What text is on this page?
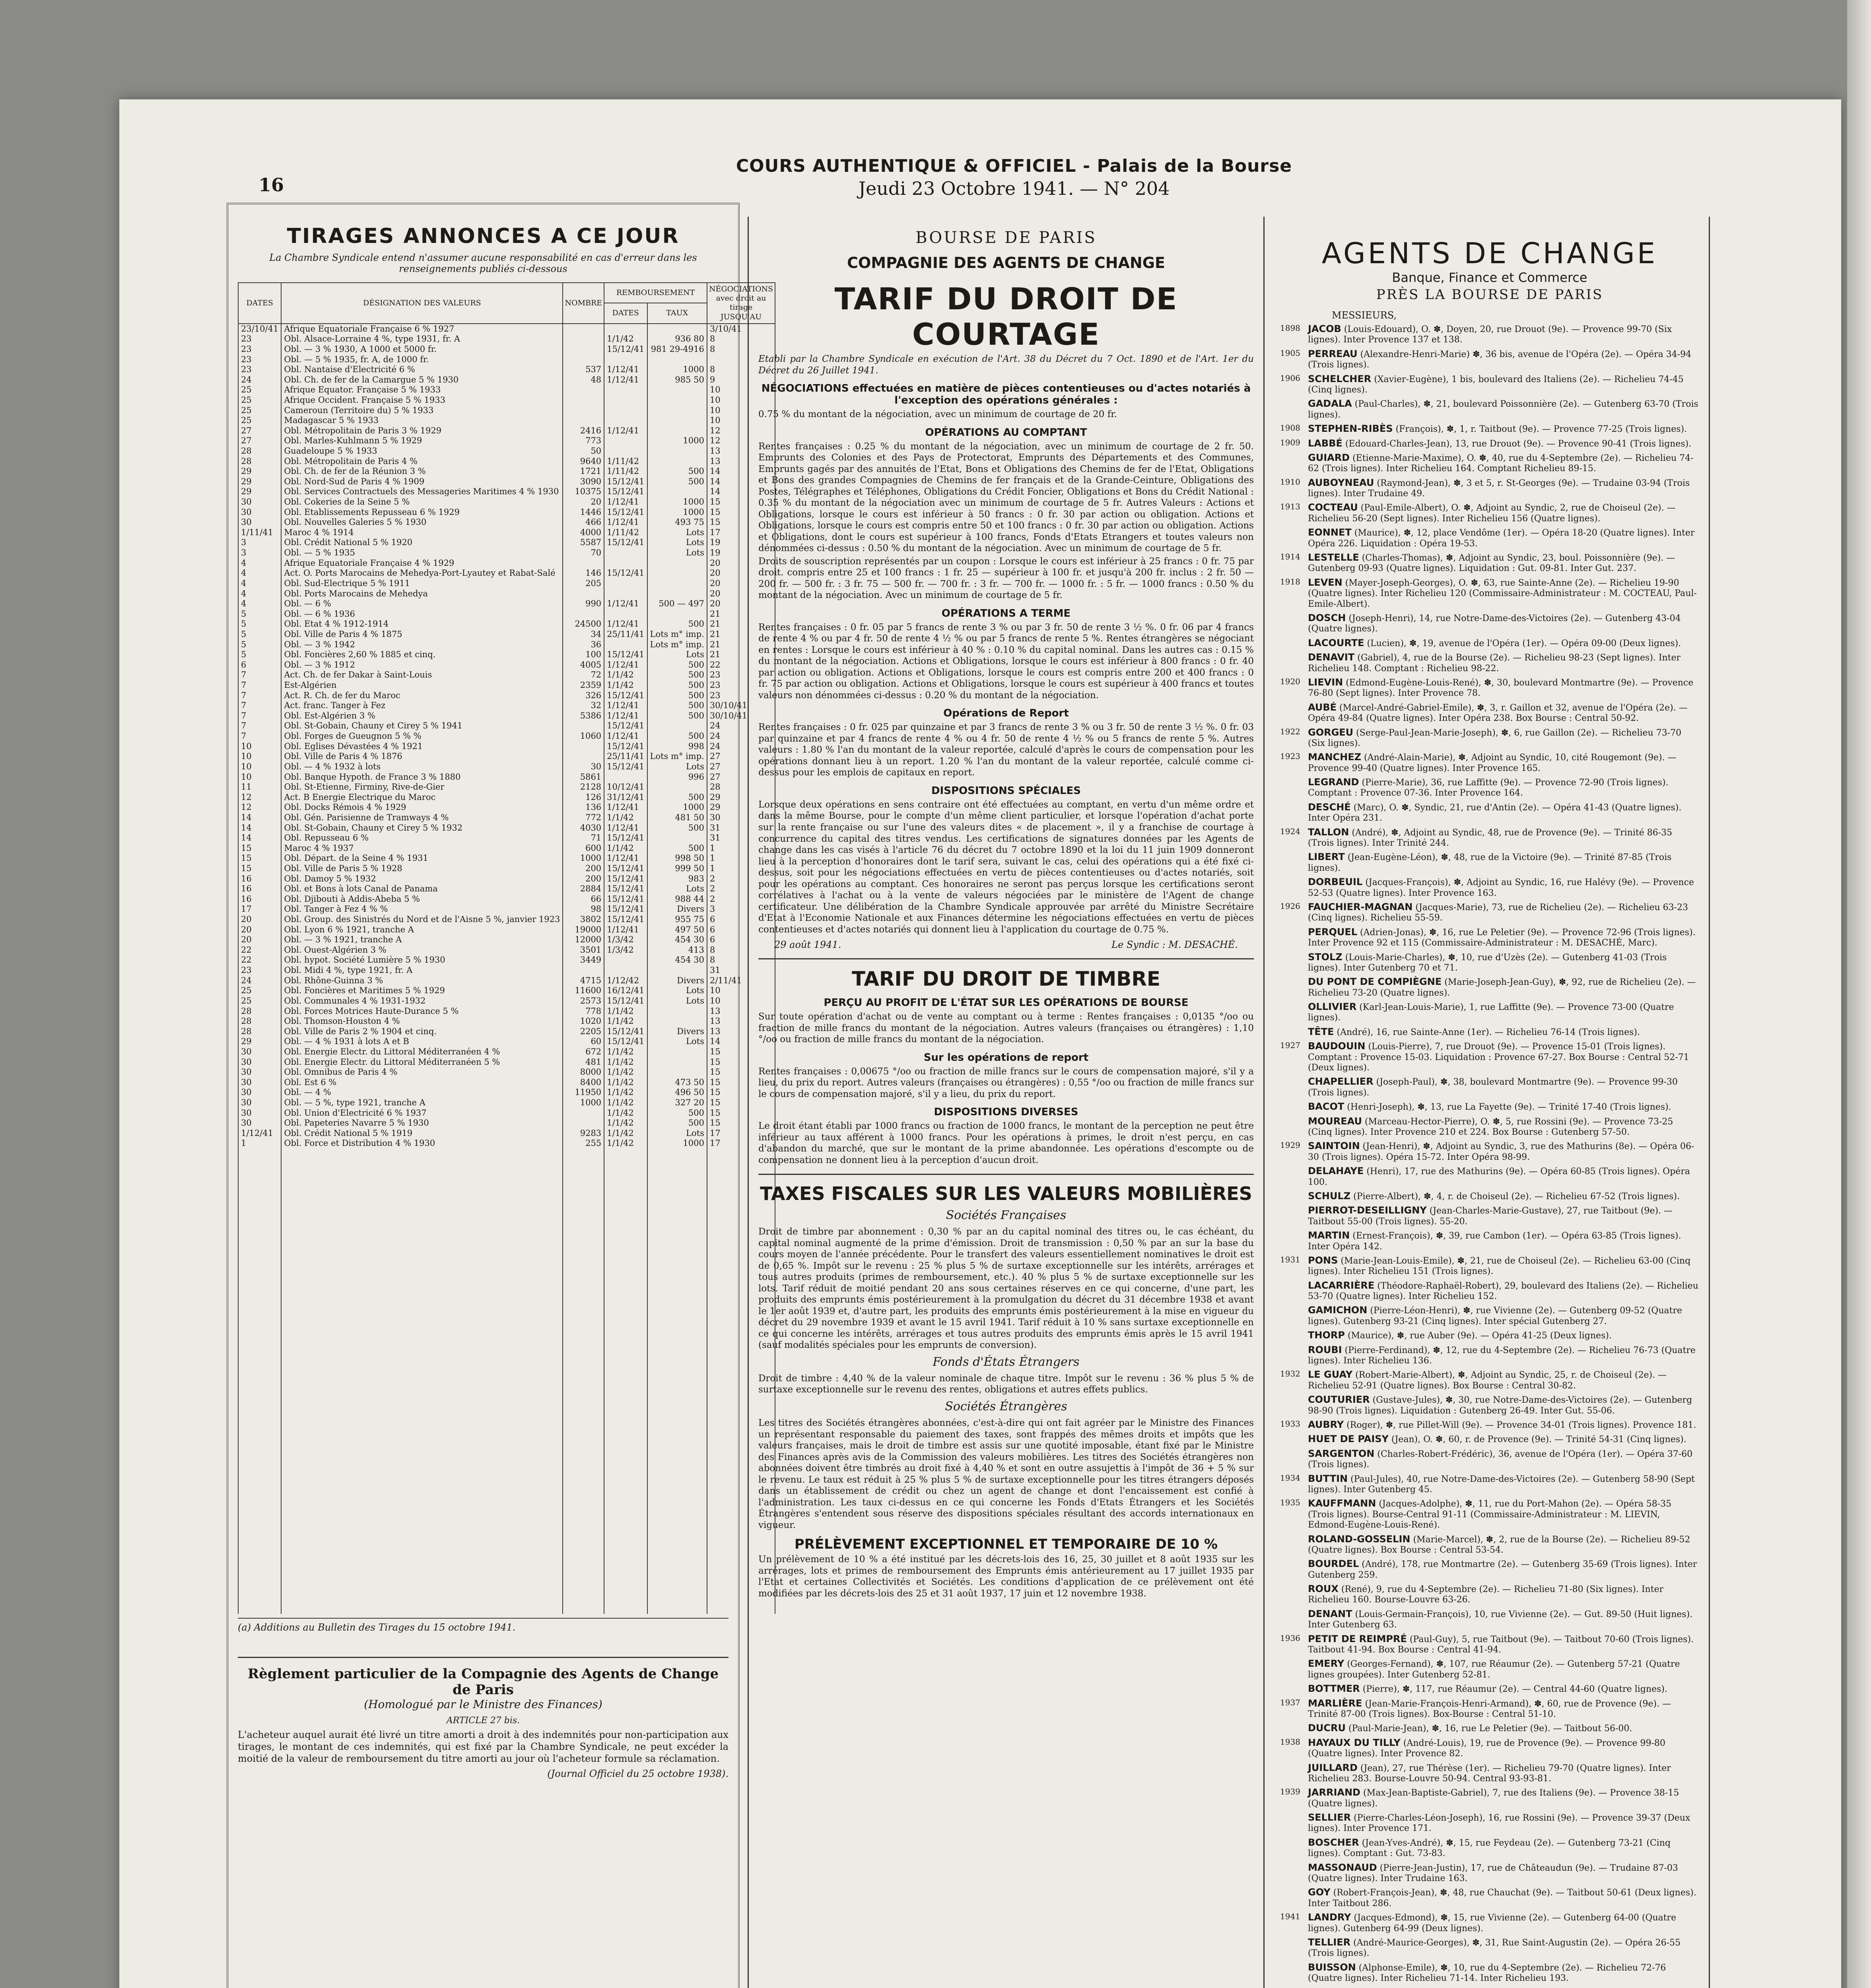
16
COURS AUTHENTIQUE & OFFICIEL - Palais de la Bourse
Jeudi 23 Octobre 1941. — N° 204
TIRAGES ANNONCES A CE JOUR
La Chambre Syndicale entend n'assumer aucune responsabilité en cas d'erreur dans les renseignements publiés ci-dessous
DATES	DÉSIGNATION DES VALEURS	NOMBRE	REMBOURSEMENT		NÉGOCIATIONS avec droit au tirage JUSQU'AU
			DATES	TAUX	
23/10/41	Afrique Equatoriale Française 6 % 1927				3/10/41
23	Obl. Alsace-Lorraine 4 %, type 1931, fr. A		1/1/42	936 80	8
23	Obl. — 3 % 1930, A 1000 et 5000 fr.		15/12/41	981 29-4916	8
23	Obl. — 5 % 1935, fr. A, de 1000 fr.				
23	Obl. Nantaise d'Electricité 6 %	537	1/12/41	1000	8
24	Obl. Ch. de fer de la Camargue 5 % 1930	48	1/12/41	985 50	9
25	Afrique Equator. Française 5 % 1933				10
25	Afrique Occident. Française 5 % 1933				10
25	Cameroun (Territoire du) 5 % 1933				10
25	Madagascar 5 % 1933				10
27	Obl. Métropolitain de Paris 3 % 1929	2416	1/12/41		12
27	Obl. Marles-Kuhlmann 5 % 1929	773		1000	12
28	Guadeloupe 5 % 1933	50			13
28	Obl. Métropolitain de Paris 4 %	9640	1/11/42		13
29	Obl. Ch. de fer de la Réunion 3 %	1721	1/11/42	500	14
29	Obl. Nord-Sud de Paris 4 % 1909	3090	15/12/41	500	14
29	Obl. Services Contractuels des Messageries Maritimes 4 % 1930	10375	15/12/41		14
30	Obl. Cokeries de la Seine 5 %	20	1/12/41	1000	15
30	Obl. Etablissements Repusseau 6 % 1929	1446	15/12/41	1000	15
30	Obl. Nouvelles Galeries 5 % 1930	466	1/12/41	493 75	15
1/11/41	Maroc 4 % 1914	4000	1/11/42	Lots	17
3	Obl. Crédit National 5 % 1920	5587	15/12/41	Lots	19
3	Obl. — 5 % 1935	70		Lots	19
4	Afrique Equatoriale Française 4 % 1929				20
4	Act. O. Ports Marocains de Mehedya-Port-Lyautey et Rabat-Salé	146	15/12/41		20
4	Obl. Sud-Electrique 5 % 1911	205			20
4	Obl. Ports Marocains de Mehedya				20
4	Obl. — 6 %	990	1/12/41	500 — 497	20
5	Obl. — 6 % 1936				21
5	Obl. Etat 4 % 1912-1914	24500	1/12/41	500	21
5	Obl. Ville de Paris 4 % 1875	34	25/11/41	Lots m° imp.	21
5	Obl. — 3 % 1942	36		Lots m° imp.	21
5	Obl. Foncières 2,60 % 1885 et cinq.	100	15/12/41	Lots	21
6	Obl. — 3 % 1912	4005	1/12/41	500	22
7	Act. Ch. de fer Dakar à Saint-Louis	72	1/1/42	500	23
7	Est-Algérien	2359	1/1/42	500	23
7	Act. R. Ch. de fer du Maroc	326	15/12/41	500	23
7	Act. franc. Tanger à Fez	32	1/12/41	500	30/10/41
7	Obl. Est-Algérien 3 %	5386	1/12/41	500	30/10/41
7	Obl. St-Gobain, Chauny et Cirey 5 % 1941		15/12/41		24
7	Obl. Forges de Gueugnon 5 % %	1060	1/12/41	500	24
10	Obl. Eglises Dévastées 4 % 1921		15/12/41	998	24
10	Obl. Ville de Paris 4 % 1876		25/11/41	Lots m° imp.	27
10	Obl. — 4 % 1932 à lots	30	15/12/41	Lots	27
10	Obl. Banque Hypoth. de France 3 % 1880	5861		996	27
11	Obl. St-Etienne, Firminy, Rive-de-Gier	2128	10/12/41		28
12	Act. B Energie Electrique du Maroc	126	31/12/41	500	29
12	Obl. Docks Rémois 4 % 1929	136	1/12/41	1000	29
14	Obl. Gén. Parisienne de Tramways 4 %	772	1/1/42	481 50	30
14	Obl. St-Gobain, Chauny et Cirey 5 % 1932	4030	1/12/41	500	31
14	Obl. Repusseau 6 %	71	15/12/41		31
15	Maroc 4 % 1937	600	1/1/42	500	1
15	Obl. Départ. de la Seine 4 % 1931	1000	1/12/41	998 50	1
15	Obl. Ville de Paris 5 % 1928	200	15/12/41	999 50	1
16	Obl. Damoy 5 % 1932	200	15/12/41	983	2
16	Obl. et Bons à lots Canal de Panama	2884	15/12/41	Lots	2
16	Obl. Djibouti à Addis-Abeba 5 %	66	15/12/41	988 44	2
17	Obl. Tanger à Fez 4 % %	98	15/12/41	Divers	3
20	Obl. Group. des Sinistrés du Nord et de l'Aisne 5 %, janvier 1923	3802	15/12/41	955 75	6
20	Obl. Lyon 6 % 1921, tranche A	19000	1/12/41	497 50	6
20	Obl. — 3 % 1921, tranche A	12000	1/3/42	454 30	6
22	Obl. Ouest-Algérien 3 %	3501	1/3/42	413	8
22	Obl. hypot. Société Lumière 5 % 1930	3449		454 30	8
23	Obl. Midi 4 %, type 1921, fr. A				31
24	Obl. Rhône-Guinna 3 %	4715	1/12/42	Divers	2/11/41
25	Obl. Foncières et Maritimes 5 % 1929	11600	16/12/41	Lots	10
25	Obl. Communales 4 % 1931-1932	2573	15/12/41	Lots	10
28	Obl. Forces Motrices Haute-Durance 5 %	778	1/1/42		13
28	Obl. Thomson-Houston 4 %	1020	1/1/42		13
28	Obl. Ville de Paris 2 % 1904 et cinq.	2205	15/12/41	Divers	13
29	Obl. — 4 % 1931 à lots A et B	60	15/12/41	Lots	14
30	Obl. Energie Electr. du Littoral Méditerranéen 4 %	672	1/1/42		15
30	Obl. Energie Electr. du Littoral Méditerranéen 5 %	481	1/1/42		15
30	Obl. Omnibus de Paris 4 %	8000	1/1/42		15
30	Obl. Est 6 %	8400	1/1/42	473 50	15
30	Obl. — 4 %	11950	1/1/42	496 50	15
30	Obl. — 5 %, type 1921, tranche A	1000	1/1/42	327 20	15
30	Obl. Union d'Electricité 6 % 1937		1/1/42	500	15
30	Obl. Papeteries Navarre 5 % 1930		1/1/42	500	15
1/12/41	Obl. Crédit National 5 % 1919	9283	1/1/42	Lots	17
1	Obl. Force et Distribution 4 % 1930	255	1/1/42	1000	17

(a) Additions au Bulletin des Tirages du 15 octobre 1941.
Règlement particulier de la Compagnie des Agents de Change de Paris
(Homologué par le Ministre des Finances)
ARTICLE 27 bis.
L'acheteur auquel aurait été livré un titre amorti a droit à des indemnités pour non-participation aux tirages, le montant de ces indemnités, qui est fixé par la Chambre Syndicale, ne peut excéder la moitié de la valeur de remboursement du titre amorti au jour où l'acheteur formule sa réclamation.
(Journal Officiel du 25 octobre 1938).
BOURSE DE PARIS
COMPAGNIE DES AGENTS DE CHANGE
TARIF DU DROIT DE COURTAGE
Etabli par la Chambre Syndicale en exécution de l'Art. 38 du Décret du 7 Oct. 1890 et de l'Art. 1er du Décret du 26 Juillet 1941.
NÉGOCIATIONS effectuées en matière de pièces contentieuses ou d'actes notariés à l'exception des opérations générales :
0.75 % du montant de la négociation, avec un minimum de courtage de 20 fr.
OPÉRATIONS AU COMPTANT
Rentes françaises : 0.25 % du montant de la négociation, avec un minimum de courtage de 2 fr. 50. Emprunts des Colonies et des Pays de Protectorat, Emprunts des Départements et des Communes, Emprunts gagés par des annuités de l'Etat, Bons et Obligations des Chemins de fer de l'Etat, Obligations et Bons des grandes Compagnies de Chemins de fer français et de la Grande-Ceinture, Obligations des Postes, Télégraphes et Téléphones, Obligations du Crédit Foncier, Obligations et Bons du Crédit National : 0.35 % du montant de la négociation avec un minimum de courtage de 5 fr. Autres Valeurs : Actions et Obligations, lorsque le cours est inférieur à 50 francs : 0 fr. 30 par action ou obligation. Actions et Obligations, lorsque le cours est compris entre 50 et 100 francs : 0 fr. 30 par action ou obligation. Actions et Obligations, dont le cours est supérieur à 100 francs, Fonds d'Etats Etrangers et toutes valeurs non dénommées ci-dessus : 0.50 % du montant de la négociation. Avec un minimum de courtage de 5 fr.
Droits de souscription représentés par un coupon : Lorsque le cours est inférieur à 25 francs : 0 fr. 75 par droit. compris entre 25 et 100 francs : 1 fr. 25 — supérieur à 100 fr. et jusqu'à 200 fr. inclus : 2 fr. 50 — 200 fr. — 500 fr. : 3 fr. 75 — 500 fr. — 700 fr. : 3 fr. — 700 fr. — 1000 fr. : 5 fr. — 1000 francs : 0.50 % du montant de la négociation. Avec un minimum de courtage de 5 fr.
OPÉRATIONS A TERME
Rentes françaises : 0 fr. 05 par 5 francs de rente 3 % ou par 3 fr. 50 de rente 3 ½ %. 0 fr. 06 par 4 francs de rente 4 % ou par 4 fr. 50 de rente 4 ½ % ou par 5 francs de rente 5 %. Rentes étrangères se négociant en rentes : Lorsque le cours est inférieur à 40 % : 0.10 % du capital nominal. Dans les autres cas : 0.15 % du montant de la négociation. Actions et Obligations, lorsque le cours est inférieur à 800 francs : 0 fr. 40 par action ou obligation. Actions et Obligations, lorsque le cours est compris entre 200 et 400 francs : 0 fr. 75 par action ou obligation. Actions et Obligations, lorsque le cours est supérieur à 400 francs et toutes valeurs non dénommées ci-dessus : 0.20 % du montant de la négociation.
Opérations de Report
Rentes françaises : 0 fr. 025 par quinzaine et par 3 francs de rente 3 % ou 3 fr. 50 de rente 3 ½ %. 0 fr. 03 par quinzaine et par 4 francs de rente 4 % ou 4 fr. 50 de rente 4 ½ % ou 5 francs de rente 5 %. Autres valeurs : 1.80 % l'an du montant de la valeur reportée, calculé d'après le cours de compensation pour les opérations donnant lieu à un report. 1.20 % l'an du montant de la valeur reportée, calculé comme ci-dessus pour les emplois de capitaux en report.
DISPOSITIONS SPÉCIALES
Lorsque deux opérations en sens contraire ont été effectuées au comptant, en vertu d'un même ordre et dans la même Bourse, pour le compte d'un même client particulier, et lorsque l'opération d'achat porte sur la rente française ou sur l'une des valeurs dites « de placement », il y a franchise de courtage à concurrence du capital des titres vendus. Les certifications de signatures données par les Agents de change dans les cas visés à l'article 76 du décret du 7 octobre 1890 et la loi du 11 juin 1909 donneront lieu à la perception d'honoraires dont le tarif sera, suivant le cas, celui des opérations qui a été fixé ci-dessus, soit pour les négociations effectuées en vertu de pièces contentieuses ou d'actes notariés, soit pour les opérations au comptant. Ces honoraires ne seront pas perçus lorsque les certifications seront corrélatives à l'achat ou à la vente de valeurs négociées par le ministère de l'Agent de change certificateur. Une délibération de la Chambre Syndicale approuvée par arrêté du Ministre Secrétaire d'Etat à l'Economie Nationale et aux Finances détermine les négociations effectuées en vertu de pièces contentieuses et d'actes notariés qui donnent lieu à l'application du courtage de 0.75 %.
29 août 1941.	Le Syndic : M. DESACHÉ.
TARIF DU DROIT DE TIMBRE
PERÇU AU PROFIT DE L'ÉTAT SUR LES OPÉRATIONS DE BOURSE
Sur toute opération d'achat ou de vente au comptant ou à terme : Rentes françaises : 0,0135 °/oo ou fraction de mille francs du montant de la négociation. Autres valeurs (françaises ou étrangères) : 1,10 °/oo ou fraction de mille francs du montant de la négociation.
Sur les opérations de report
Rentes françaises : 0,00675 °/oo ou fraction de mille francs sur le cours de compensation majoré, s'il y a lieu, du prix du report. Autres valeurs (françaises ou étrangères) : 0,55 °/oo ou fraction de mille francs sur le cours de compensation majoré, s'il y a lieu, du prix du report.
DISPOSITIONS DIVERSES
Le droit étant établi par 1000 francs ou fraction de 1000 francs, le montant de la perception ne peut être inférieur au taux afférent à 1000 francs. Pour les opérations à primes, le droit n'est perçu, en cas d'abandon du marché, que sur le montant de la prime abandonnée. Les opérations d'escompte ou de compensation ne donnent lieu à la perception d'aucun droit.
TAXES FISCALES SUR LES VALEURS MOBILIÈRES
Sociétés Françaises
Droit de timbre par abonnement : 0,30 % par an du capital nominal des titres ou, le cas échéant, du capital nominal augmenté de la prime d'émission. Droit de transmission : 0,50 % par an sur la base du cours moyen de l'année précédente. Pour le transfert des valeurs essentiellement nominatives le droit est de 0,65 %. Impôt sur le revenu : 25 % plus 5 % de surtaxe exceptionnelle sur les intérêts, arrérages et tous autres produits (primes de remboursement, etc.). 40 % plus 5 % de surtaxe exceptionnelle sur les lots. Tarif réduit de moitié pendant 20 ans sous certaines réserves en ce qui concerne, d'une part, les produits des emprunts émis postérieurement à la promulgation du décret du 31 décembre 1938 et avant le 1er août 1939 et, d'autre part, les produits des emprunts émis postérieurement à la mise en vigueur du décret du 29 novembre 1939 et avant le 15 avril 1941. Tarif réduit à 10 % sans surtaxe exceptionnelle en ce qui concerne les intérêts, arrérages et tous autres produits des emprunts émis après le 15 avril 1941 (sauf modalités spéciales pour les emprunts de conversion).
Fonds d'États Étrangers
Droit de timbre : 4,40 % de la valeur nominale de chaque titre. Impôt sur le revenu : 36 % plus 5 % de surtaxe exceptionnelle sur le revenu des rentes, obligations et autres effets publics.
Sociétés Étrangères
Les titres des Sociétés étrangères abonnées, c'est-à-dire qui ont fait agréer par le Ministre des Finances un représentant responsable du paiement des taxes, sont frappés des mêmes droits et impôts que les valeurs françaises, mais le droit de timbre est assis sur une quotité imposable, étant fixé par le Ministre des Finances après avis de la Commission des valeurs mobilières. Les titres des Sociétés étrangères non abonnées doivent être timbrés au droit fixé à 4,40 % et sont en outre assujettis à l'impôt de 36 + 5 % sur le revenu. Le taux est réduit à 25 % plus 5 % de surtaxe exceptionnelle pour les titres étrangers déposés dans un établissement de crédit ou chez un agent de change et dont l'encaissement est confié à l'administration. Les taux ci-dessus en ce qui concerne les Fonds d'Etats Étrangers et les Sociétés Étrangères s'entendent sous réserve des dispositions spéciales résultant des accords internationaux en vigueur.
PRÉLÈVEMENT EXCEPTIONNEL ET TEMPORAIRE DE 10 %
Un prélèvement de 10 % a été institué par les décrets-lois des 16, 25, 30 juillet et 8 août 1935 sur les arrérages, lots et primes de remboursement des Emprunts émis antérieurement au 17 juillet 1935 par l'Etat et certaines Collectivités et Sociétés. Les conditions d'application de ce prélèvement ont été modifiées par les décrets-lois des 25 et 31 août 1937, 17 juin et 12 novembre 1938.
AGENTS DE CHANGE
Banque, Finance et Commerce
PRÈS LA BOURSE DE PARIS
MESSIEURS,
1898 JACOB (Louis-Edouard), O. ✽, Doyen, 20, rue Drouot (9e). — Provence 99-70 (Six lignes). Inter Provence 137 et 138.
1905 PERREAU (Alexandre-Henri-Marie) ✽, 36 bis, avenue de l'Opéra (2e). — Opéra 34-94 (Trois lignes).
1906 SCHELCHER (Xavier-Eugène), 1 bis, boulevard des Italiens (2e). — Richelieu 74-45 (Cinq lignes).
GADALA (Paul-Charles), ✽, 21, boulevard Poissonnière (2e). — Gutenberg 63-70 (Trois lignes).
1908 STEPHEN-RIBÈS (François), ✽, 1, r. Taitbout (9e). — Provence 77-25 (Trois lignes).
1909 LABBÉ (Edouard-Charles-Jean), 13, rue Drouot (9e). — Provence 90-41 (Trois lignes).
GUIARD (Etienne-Marie-Maxime), O. ✽, 40, rue du 4-Septembre (2e). — Richelieu 74-62 (Trois lignes). Inter Richelieu 164. Comptant Richelieu 89-15.
1910 AUBOYNEAU (Raymond-Jean), ✽, 3 et 5, r. St-Georges (9e). — Trudaine 03-94 (Trois lignes). Inter Trudaine 49.
1913 COCTEAU (Paul-Emile-Albert), O. ✽, Adjoint au Syndic, 2, rue de Choiseul (2e). — Richelieu 56-20 (Sept lignes). Inter Richelieu 156 (Quatre lignes).
EONNET (Maurice), ✽, 12, place Vendôme (1er). — Opéra 18-20 (Quatre lignes). Inter Opéra 226. Liquidation : Opéra 19-53.
1914 LESTELLE (Charles-Thomas), ✽, Adjoint au Syndic, 23, boul. Poissonnière (9e). — Gutenberg 09-93 (Quatre lignes). Liquidation : Gut. 09-81. Inter Gut. 237.
1918 LEVEN (Mayer-Joseph-Georges), O. ✽, 63, rue Sainte-Anne (2e). — Richelieu 19-90 (Quatre lignes). Inter Richelieu 120 (Commissaire-Administrateur : M. COCTEAU, Paul-Emile-Albert).
DOSCH (Joseph-Henri), 14, rue Notre-Dame-des-Victoires (2e). — Gutenberg 43-04 (Quatre lignes).
LACOURTE (Lucien), ✽, 19, avenue de l'Opéra (1er). — Opéra 09-00 (Deux lignes).
DENAVIT (Gabriel), 4, rue de la Bourse (2e). — Richelieu 98-23 (Sept lignes). Inter Richelieu 148. Comptant : Richelieu 98-22.
1920 LIEVIN (Edmond-Eugène-Louis-René), ✽, 30, boulevard Montmartre (9e). — Provence 76-80 (Sept lignes). Inter Provence 78.
AUBÉ (Marcel-André-Gabriel-Emile), ✽, 3, r. Gaillon et 32, avenue de l'Opéra (2e). — Opéra 49-84 (Quatre lignes). Inter Opéra 238. Box Bourse : Central 50-92.
1922 GORGEU (Serge-Paul-Jean-Marie-Joseph), ✽, 6, rue Gaillon (2e). — Richelieu 73-70 (Six lignes).
1923 MANCHEZ (André-Alain-Marie), ✽, Adjoint au Syndic, 10, cité Rougemont (9e). — Provence 99-40 (Quatre lignes). Inter Provence 165.
LEGRAND (Pierre-Marie), 36, rue Laffitte (9e). — Provence 72-90 (Trois lignes). Comptant : Provence 07-36. Inter Provence 164.
DESCHÉ (Marc), O. ✽, Syndic, 21, rue d'Antin (2e). — Opéra 41-43 (Quatre lignes). Inter Opéra 231.
1924 TALLON (André), ✽, Adjoint au Syndic, 48, rue de Provence (9e). — Trinité 86-35 (Trois lignes). Inter Trinité 244.
LIBERT (Jean-Eugène-Léon), ✽, 48, rue de la Victoire (9e). — Trinité 87-85 (Trois lignes).
DORBEUIL (Jacques-François), ✽, Adjoint au Syndic, 16, rue Halévy (9e). — Provence 52-53 (Quatre lignes). Inter Provence 163.
1926 FAUCHIER-MAGNAN (Jacques-Marie), 73, rue de Richelieu (2e). — Richelieu 63-23 (Cinq lignes). Richelieu 55-59.
PERQUEL (Adrien-Jonas), ✽, 16, rue Le Peletier (9e). — Provence 72-96 (Trois lignes). Inter Provence 92 et 115 (Commissaire-Administrateur : M. DESACHÉ, Marc).
STOLZ (Louis-Marie-Charles), ✽, 10, rue d'Uzès (2e). — Gutenberg 41-03 (Trois lignes). Inter Gutenberg 70 et 71.
DU PONT DE COMPIÈGNE (Marie-Joseph-Jean-Guy), ✽, 92, rue de Richelieu (2e). — Richelieu 73-20 (Quatre lignes).
OLLIVIER (Karl-Jean-Louis-Marie), 1, rue Laffitte (9e). — Provence 73-00 (Quatre lignes).
TÊTE (André), 16, rue Sainte-Anne (1er). — Richelieu 76-14 (Trois lignes).
1927 BAUDOUIN (Louis-Pierre), 7, rue Drouot (9e). — Provence 15-01 (Trois lignes). Comptant : Provence 15-03. Liquidation : Provence 67-27. Box Bourse : Central 52-71 (Deux lignes).
CHAPELLIER (Joseph-Paul), ✽, 38, boulevard Montmartre (9e). — Provence 99-30 (Trois lignes).
BACOT (Henri-Joseph), ✽, 13, rue La Fayette (9e). — Trinité 17-40 (Trois lignes).
MOUREAU (Marceau-Hector-Pierre), O. ✽, 5, rue Rossini (9e). — Provence 73-25 (Cinq lignes). Inter Provence 210 et 224. Box Bourse : Gutenberg 57-50.
1929 SAINTOIN (Jean-Henri), ✽, Adjoint au Syndic, 3, rue des Mathurins (8e). — Opéra 06-30 (Trois lignes). Opéra 15-72. Inter Opéra 98-99.
DELAHAYE (Henri), 17, rue des Mathurins (9e). — Opéra 60-85 (Trois lignes). Opéra 100.
SCHULZ (Pierre-Albert), ✽, 4, r. de Choiseul (2e). — Richelieu 67-52 (Trois lignes).
PIERROT-DESEILLIGNY (Jean-Charles-Marie-Gustave), 27, rue Taitbout (9e). — Taitbout 55-00 (Trois lignes). 55-20.
MARTIN (Ernest-François), ✽, 39, rue Cambon (1er). — Opéra 63-85 (Trois lignes). Inter Opéra 142.
1931 PONS (Marie-Jean-Louis-Emile), ✽, 21, rue de Choiseul (2e). — Richelieu 63-00 (Cinq lignes). Inter Richelieu 151 (Trois lignes).
LACARRIÈRE (Théodore-Raphaël-Robert), 29, boulevard des Italiens (2e). — Richelieu 53-70 (Quatre lignes). Inter Richelieu 152.
GAMICHON (Pierre-Léon-Henri), ✽, rue Vivienne (2e). — Gutenberg 09-52 (Quatre lignes). Gutenberg 93-21 (Cinq lignes). Inter spécial Gutenberg 27.
THORP (Maurice), ✽, rue Auber (9e). — Opéra 41-25 (Deux lignes).
ROUBI (Pierre-Ferdinand), ✽, 12, rue du 4-Septembre (2e). — Richelieu 76-73 (Quatre lignes). Inter Richelieu 136.
1932 LE GUAY (Robert-Marie-Albert), ✽, Adjoint au Syndic, 25, r. de Choiseul (2e). — Richelieu 52-91 (Quatre lignes). Box Bourse : Central 30-82.
COUTURIER (Gustave-Jules), ✽, 30, rue Notre-Dame-des-Victoires (2e). — Gutenberg 98-90 (Trois lignes). Liquidation : Gutenberg 26-49. Inter Gut. 55-06.
1933 AUBRY (Roger), ✽, rue Pillet-Will (9e). — Provence 34-01 (Trois lignes). Provence 181.
HUET DE PAISY (Jean), O. ✽, 60, r. de Provence (9e). — Trinité 54-31 (Cinq lignes).
SARGENTON (Charles-Robert-Frédéric), 36, avenue de l'Opéra (1er). — Opéra 37-60 (Trois lignes).
1934 BUTTIN (Paul-Jules), 40, rue Notre-Dame-des-Victoires (2e). — Gutenberg 58-90 (Sept lignes). Inter Gutenberg 45.
1935 KAUFFMANN (Jacques-Adolphe), ✽, 11, rue du Port-Mahon (2e). — Opéra 58-35 (Trois lignes). Bourse-Central 91-11 (Commissaire-Administrateur : M. LIEVIN, Edmond-Eugène-Louis-René).
ROLAND-GOSSELIN (Marie-Marcel), ✽, 2, rue de la Bourse (2e). — Richelieu 89-52 (Quatre lignes). Box Bourse : Central 53-54.
BOURDEL (André), 178, rue Montmartre (2e). — Gutenberg 35-69 (Trois lignes). Inter Gutenberg 259.
ROUX (René), 9, rue du 4-Septembre (2e). — Richelieu 71-80 (Six lignes). Inter Richelieu 160. Bourse-Louvre 63-26.
DENANT (Louis-Germain-François), 10, rue Vivienne (2e). — Gut. 89-50 (Huit lignes). Inter Gutenberg 63.
1936 PETIT DE REIMPRÉ (Paul-Guy), 5, rue Taitbout (9e). — Taitbout 70-60 (Trois lignes). Taitbout 41-94. Box Bourse : Central 41-94.
EMERY (Georges-Fernand), ✽, 107, rue Réaumur (2e). — Gutenberg 57-21 (Quatre lignes groupées). Inter Gutenberg 52-81.
BOTTMER (Pierre), ✽, 117, rue Réaumur (2e). — Central 44-60 (Quatre lignes).
1937 MARLIÈRE (Jean-Marie-François-Henri-Armand), ✽, 60, rue de Provence (9e). — Trinité 87-00 (Trois lignes). Box-Bourse : Central 51-10.
DUCRU (Paul-Marie-Jean), ✽, 16, rue Le Peletier (9e). — Taitbout 56-00.
1938 HAYAUX DU TILLY (André-Louis), 19, rue de Provence (9e). — Provence 99-80 (Quatre lignes). Inter Provence 82.
JUILLARD (Jean), 27, rue Thérèse (1er). — Richelieu 79-70 (Quatre lignes). Inter Richelieu 283. Bourse-Louvre 50-94. Central 93-93-81.
1939 JARRIAND (Max-Jean-Baptiste-Gabriel), 7, rue des Italiens (9e). — Provence 38-15 (Quatre lignes).
SELLIER (Pierre-Charles-Léon-Joseph), 16, rue Rossini (9e). — Provence 39-37 (Deux lignes). Inter Provence 171.
BOSCHER (Jean-Yves-André), ✽, 15, rue Feydeau (2e). — Gutenberg 73-21 (Cinq lignes). Comptant : Gut. 73-83.
MASSONAUD (Pierre-Jean-Justin), 17, rue de Châteaudun (9e). — Trudaine 87-03 (Quatre lignes). Inter Trudaine 163.
GOY (Robert-François-Jean), ✽, 48, rue Chauchat (9e). — Taitbout 50-61 (Deux lignes). Inter Taitbout 286.
1941 LANDRY (Jacques-Edmond), ✽, 15, rue Vivienne (2e). — Gutenberg 64-00 (Quatre lignes). Gutenberg 64-99 (Deux lignes).
TELLIER (André-Maurice-Georges), ✽, 31, Rue Saint-Augustin (2e). — Opéra 26-55 (Trois lignes).
BUISSON (Alphonse-Emile), ✽, 10, rue du 4-Septembre (2e). — Richelieu 72-76 (Quatre lignes). Inter Richelieu 71-14. Inter Richelieu 193.
